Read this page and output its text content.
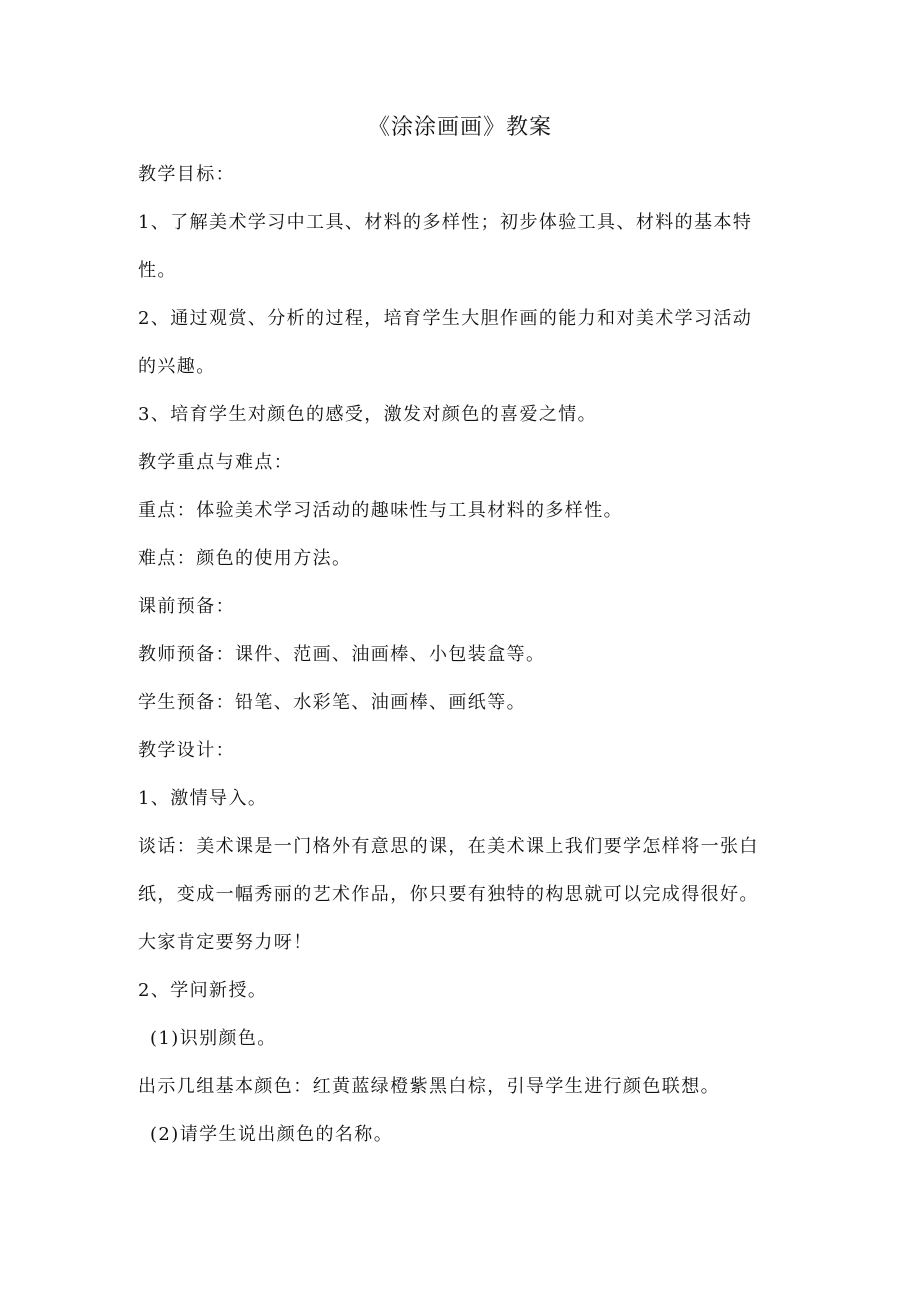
《涂涂画画》教案
教学目标：
1、了解美术学习中工具、材料的多样性；初步体验工具、材料的基本特
性。
2、通过观赏、分析的过程，培育学生大胆作画的能力和对美术学习活动
的兴趣。
3、培育学生对颜色的感受，激发对颜色的喜爱之情。
教学重点与难点：
重点：体验美术学习活动的趣味性与工具材料的多样性。
难点：颜色的使用方法。
课前预备：
教师预备：课件、范画、油画棒、小包装盒等。
学生预备：铅笔、水彩笔、油画棒、画纸等。
教学设计：
1、激情导入。
谈话：美术课是一门格外有意思的课，在美术课上我们要学怎样将一张白
纸，变成一幅秀丽的艺术作品，你只要有独特的构思就可以完成得很好。
大家肯定要努力呀！
2、学问新授。
(1)识别颜色。
出示几组基本颜色：红黄蓝绿橙紫黑白棕，引导学生进行颜色联想。
(2)请学生说出颜色的名称。
